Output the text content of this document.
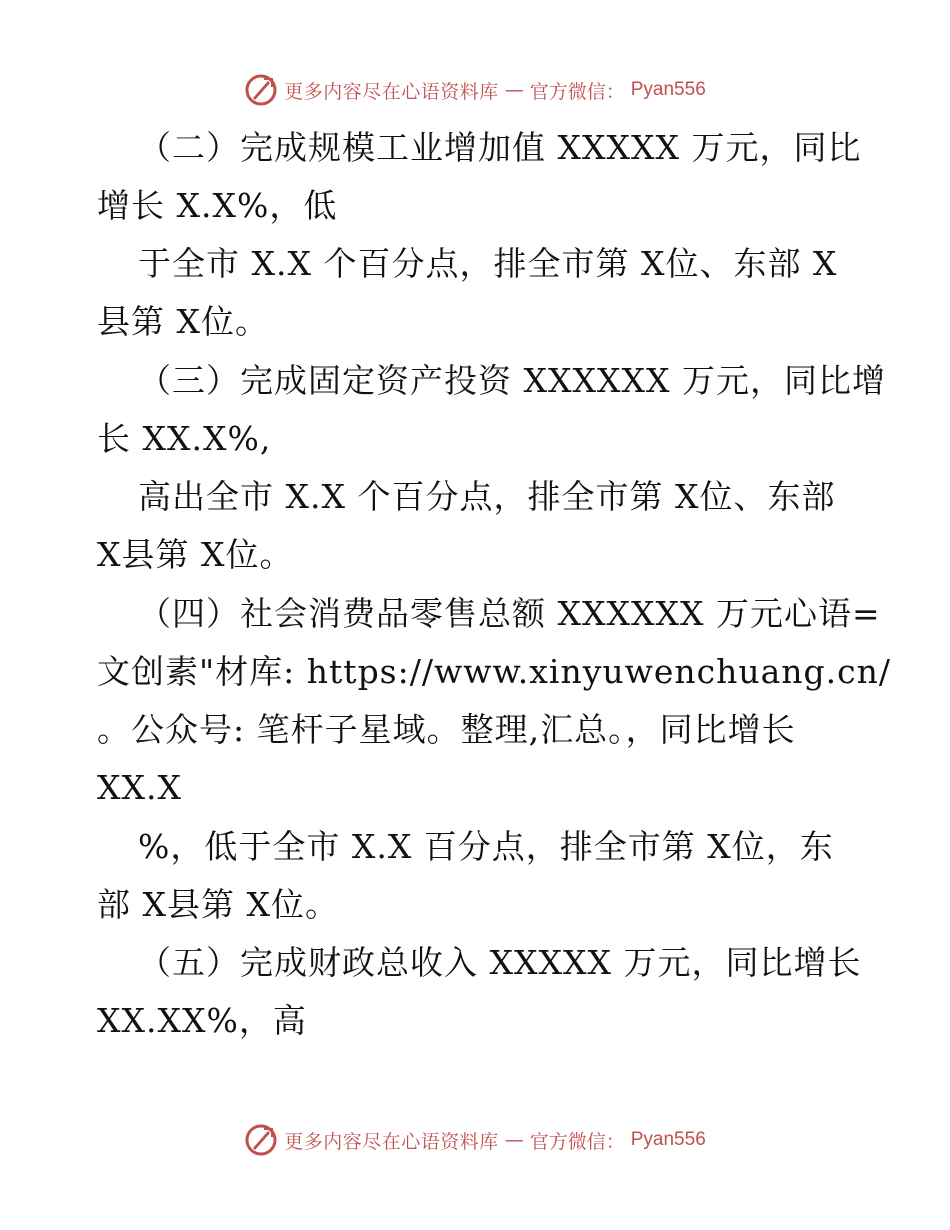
更多内容尽在心语资料库 — 官方微信： Pyan556
（二）完成规模工业增加值 XXXXX 万元，同比
增长 X.X%，低
于全市 X.X 个百分点，排全市第 X位、东部 X
县第 X位。
（三）完成固定资产投资 XXXXXX 万元，同比增
长 XX.X%,
高出全市 X.X 个百分点，排全市第 X位、东部
X县第 X位。
（四）社会消费品零售总额 XXXXXX 万元心语=
文创素"材库: https://www.xinyuwenchuang.cn/
。公众号: 笔杆子星域。整理,汇总。，同比增长
XX.X
%，低于全市 X.X 百分点，排全市第 X位，东
部 X县第 X位。
（五）完成财政总收入 XXXXX 万元，同比增长
XX.XX%，高
更多内容尽在心语资料库 — 官方微信： Pyan556
